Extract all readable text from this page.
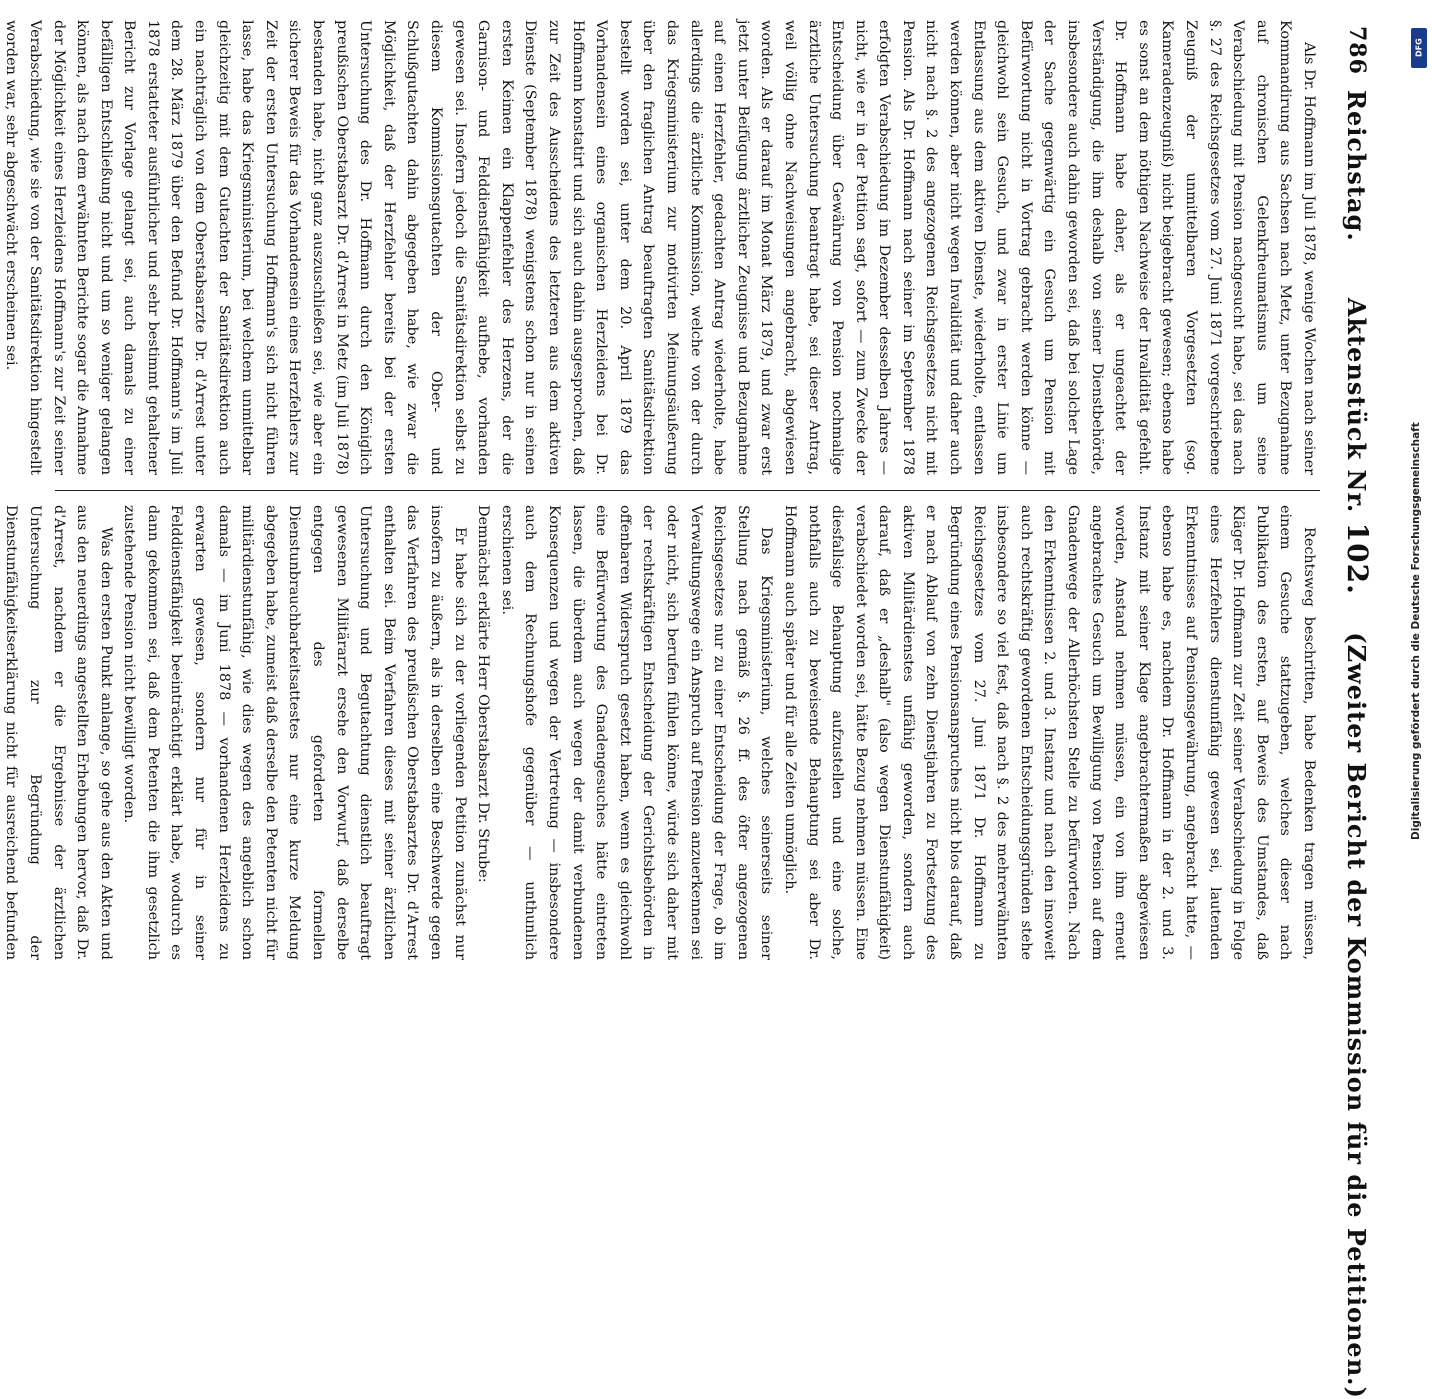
786
Reichstag.      Aktenstück Nr. 102.    (Zweiter Bericht der Kommission für die Petitionen.)

Als Dr. Hoffmann im Juli 1878, wenige Wochen nach seiner Kommandirung aus Sachsen nach Metz, unter Bezugnahme auf chronischen Gelenkrheumatismus um seine Verabschiedung mit Pension nachgesucht habe, sei das nach §. 27 des Reichsgesetzes vom 27. Juni 1871 vorgeschriebene Zeugniß der unmittelbaren Vorgesetzten (sog. Kameradenzeugniß) nicht beigebracht gewesen; ebenso habe es sonst an dem nöthigen Nachweise der Invalidität gefehlt. Dr. Hoffmann habe daher, als er ungeachtet der Verständigung, die ihm deshalb von seiner Dienstbehörde, insbesondere auch dahin geworden sei, daß bei solcher Lage der Sache gegenwärtig ein Gesuch um Pension mit Befürwortung nicht in Vortrag gebracht werden könne — gleichwohl sein Gesuch, und zwar in erster Linie um Entlassung aus dem aktiven Dienste, wiederholte, entlassen werden können, aber nicht wegen Invalidität und daher auch nicht nach §. 2 des angezogenen Reichsgesetzes nicht mit Pension. Als Dr. Hoffmann nach seiner im September 1878 erfolgten Verabschiedung im Dezember desselben Jahres — nicht, wie er in der Petition sagt, sofort — zum Zwecke der Entscheidung über Gewährung von Pension nochmalige ärztliche Untersuchung beantragt habe, sei dieser Antrag, weil völlig ohne Nachweisungen angebracht, abgewiesen worden. Als er darauf im Monat März 1879, und zwar erst jetzt unter Beifügung ärztlicher Zeugnisse und Bezugnahme auf einen Herzfehler, gedachten Antrag wiederholte, habe allerdings die ärztliche Kommission, welche von der durch das Kriegsministerium zur motivirten Meinungsäußerung über den fraglichen Antrag beauftragten Sanitätsdirektion bestellt worden sei, unter dem 20. April 1879 das Vorhandensein eines organischen Herzleidens bei Dr. Hoffmann konstatirt und sich auch dahin ausgesprochen, daß zur Zeit des Ausscheidens des letzteren aus dem aktiven Dienste (September 1878) wenigstens schon nur in seinen ersten Keimen ein Klappenfehler des Herzens, der die Garnison- und Felddienstfähigkeit aufhebe, vorhanden gewesen sei. Insofern jedoch die Sanitätsdirektion selbst zu diesem Kommissionsgutachten der Ober- und Schlußgutachten dahin abgegeben habe, wie zwar die Möglichkeit, daß der Herzfehler bereits bei der ersten Untersuchung des Dr. Hoffmann durch den Königlich preußischen Oberstabsarzt Dr. d'Arrest in Metz (im Juli 1878) bestanden habe, nicht ganz auszuschließen sei, wie aber ein sicherer Beweis für das Vorhandensein eines Herzfehlers zur Zeit der ersten Untersuchung Hoffmann's sich nicht führen lasse, habe das Kriegsministerium, bei welchem unmittelbar gleichzeitig mit dem Gutachten der Sanitätsdirektion auch ein nachträglich von dem Oberstabsarzte Dr. d'Arrest unter dem 28. März 1879 über den Befund Dr. Hoffmann's im Juli 1878 erstatteter ausführlicher und sehr bestimmt gehaltener Bericht zur Vorlage gelangt sei, auch damals zu einer befälligen Entschließung nicht und um so weniger gelangen können, als nach dem erwähnten Berichte sogar die Annahme der Möglichkeit eines Herzleidens Hoffmann's zur Zeit seiner Verabschiedung, wie sie von der Sanitätsdirektion hingestellt worden war, sehr abgeschwächt erscheinen sei.

Rechtsweg beschritten, habe Bedenken tragen müssen, einem Gesuche stattzugeben, welches dieser nach Publikation des ersten, auf Beweis des Umstandes, daß Kläger Dr. Hoffmann zur Zeit seiner Verabschiedung in Folge eines Herzfehlers dienstunfähig gewesen sei, lautenden Erkenntnisses auf Pensionsgewährung, angebracht hatte, — ebenso habe es, nachdem Dr. Hoffmann in der 2. und 3. Instanz mit seiner Klage angebrachtermaßen abgewiesen worden, Anstand nehmen müssen, ein von ihm erneut angebrachtes Gesuch um Bewilligung von Pension auf dem Gnadenwege der Allerhöchsten Stelle zu befürworten. Nach den Erkenntnissen 2. und 3. Instanz und nach den insoweit auch rechtskräftig gewordenen Entscheidungsgründen stehe insbesondere so viel fest, daß nach §. 2 des mehrerwähnten Reichsgesetzes vom 27. Juni 1871 Dr. Hoffmann zu Begründung eines Pensionsanspruches nicht blos darauf, daß er nach Ablauf von zehn Dienstjahren zu Fortsetzung des aktiven Militärdienstes unfähig geworden, sondern auch darauf, daß er „deshalb" (also wegen Dienstunfähigkeit) verabschiedet worden sei, hätte Bezug nehmen müssen. Eine diesfallsige Behauptung aufzustellen und eine solche, nothfalls auch zu beweisende Behauptung sei aber Dr. Hoffmann auch später und für alle Zeiten unmöglich.

Das Kriegsministerium, welches seinerseits seiner Stellung nach gemäß §. 26 ff. des öfter angezogenen Reichsgesetzes nur zu einer Entscheidung der Frage, ob im Verwaltungswege ein Anspruch auf Pension anzuerkennen sei oder nicht, sich berufen fühlen könne, würde sich daher mit der rechtskräftigen Entscheidung der Gerichtsbehörden in offenbaren Widerspruch gesetzt haben, wenn es gleichwohl eine Befürwortung des Gnadengesuches hätte eintreten lassen, die überdem auch wegen der damit verbundenen Konsequenzen und wegen der Vertretung — insbesondere auch dem Rechnungshofe gegenüber — unthunlich erschienen sei.

Demnächst erklärte Herr Oberstabsarzt Dr. Strube:

Er habe sich zu der vorliegenden Petition zunächst nur insofern zu äußern, als in derselben eine Beschwerde gegen das Verfahren des preußischen Oberstabsarztes Dr. d'Arrest enthalten sei. Beim Verfahren dieses mit seiner ärztlichen Untersuchung und Begutachtung dienstlich beauftragt gewesenen Militärarzt ersehe den Vorwurf, daß derselbe entgegen des geforderten formellen Dienstunbrauchbarkeitsattestes nur eine kurze Meldung abgegeben habe, zumeist daß derselbe den Petenten nicht für militärdienstunfähig, wie dies wegen des angeblich schon damals — im Juni 1878 — vorhandenen Herzleidens zu erwarten gewesen, sondern nur für in seiner Felddienstfähigkeit beeinträchtigt erklärt habe, wodurch es dann gekommen sei, daß dem Petenten die ihm gesetzlich zustehende Pension nicht bewilligt worden.

Was den ersten Punkt anlange, so gehe aus den Akten und aus den neuerdings angestellten Erhebungen hervor, daß Dr. d'Arrest, nachdem er die Ergebnisse der ärztlichen Untersuchung zur Begründung der Dienstunfähigkeitserklärung nicht für ausreichend befunden

DFG
Digitalisierung gefördert durch die Deutsche Forschungsgemeinschaft
